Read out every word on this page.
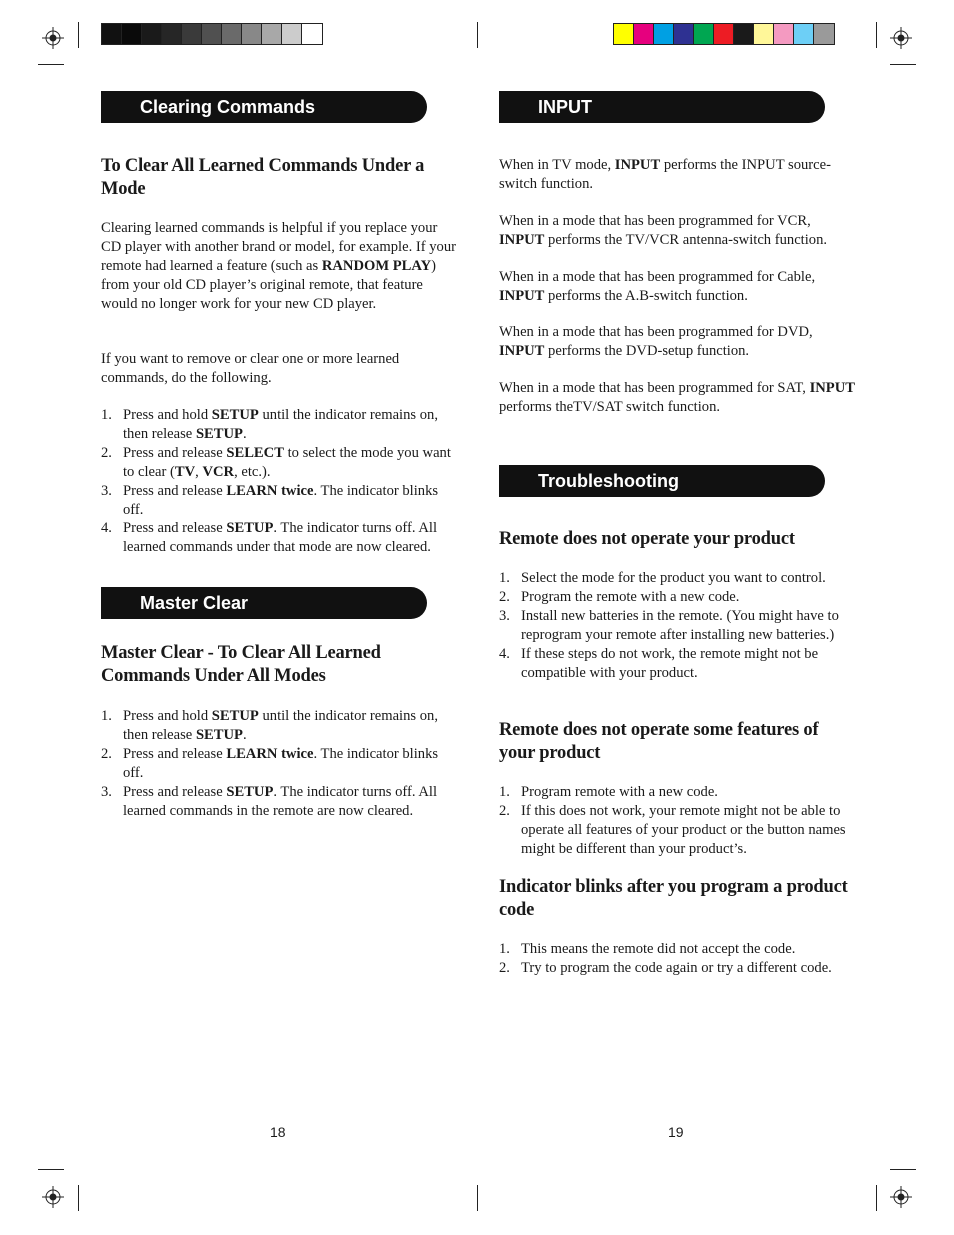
Clearing Commands
To Clear All Learned Commands Under a Mode

Clearing learned commands is helpful if you replace your CD player with another brand or model, for example. If your remote had learned a feature (such as RANDOM PLAY) from your old CD player’s original remote, that feature would no longer work for your new CD player.

If you want to remove or clear one or more learned commands, do the following.

1. Press and hold SETUP until the indicator remains on, then release SETUP.
2. Press and release SELECT to select the mode you want to clear (TV, VCR, etc.).
3. Press and release LEARN twice. The indicator blinks off.
4. Press and release SETUP. The indicator turns off. All learned commands under that mode are now cleared.
Master Clear
Master Clear - To Clear All Learned Commands Under All Modes
1. Press and hold SETUP until the indicator remains on, then release SETUP.
2. Press and release LEARN twice. The indicator blinks off.
3. Press and release SETUP. The indicator turns off. All learned commands in the remote are now cleared.
18
INPUT

When in TV mode, INPUT performs the INPUT source-switch function.

When in a mode that has been programmed for VCR, INPUT performs the TV/VCR antenna-switch function.

When in a mode that has been programmed for Cable, INPUT performs the A.B-switch function.

When in a mode that has been programmed for DVD, INPUT performs the DVD-setup function.

When in a mode that has been programmed for SAT, INPUT performs theTV/SAT switch function.

Troubleshooting
Remote does not operate your product
1. Select the mode for the product you want to control.
2. Program the remote with a new code.
3. Install new batteries in the remote. (You might have to reprogram your remote after installing new batteries.)
4. If these steps do not work, the remote might not be compatible with your product.
Remote does not operate some features of your product
1. Program remote with a new code.
2. If this does not work, your remote might not be able to operate all features of your product or the button names might be different than your product’s.
Indicator blinks after you program a product code
1. This means the remote did not accept the code.
2. Try to program the code again or try a different code.
19
